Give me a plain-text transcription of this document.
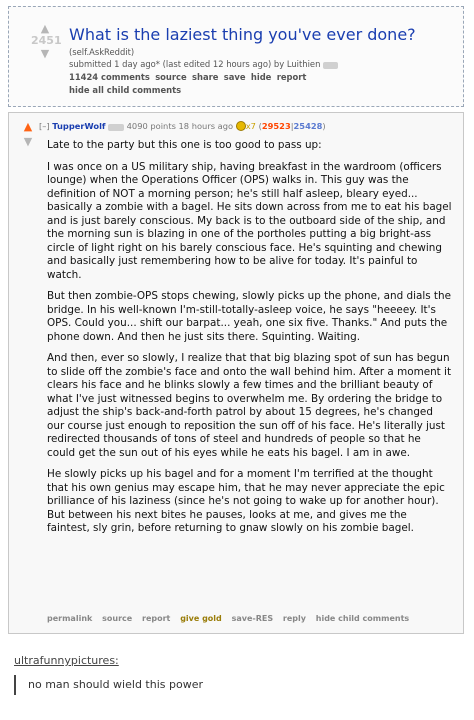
▲
2451
▼
What is the laziest thing you've ever done?
(self.AskReddit)
submitted 1 day ago* (last edited 12 hours ago) by Luithien pix
11424 comments source share save hide report
hide all child comments
▲
▼
[–] TupperWolf tag 4090 points 18 hours ago x7 (29523|25428)

Late to the party but this one is too good to pass up:

I was once on a US military ship, having breakfast in the wardroom (officers lounge) when the Operations Officer (OPS) walks in. This guy was the definition of NOT a morning person; he's still half asleep, bleary eyed... basically a zombie with a bagel. He sits down across from me to eat his bagel and is just barely conscious. My back is to the outboard side of the ship, and the morning sun is blazing in one of the portholes putting a big bright-ass circle of light right on his barely conscious face. He's squinting and chewing and basically just remembering how to be alive for today. It's painful to watch.

But then zombie-OPS stops chewing, slowly picks up the phone, and dials the bridge. In his well-known I'm-still-totally-asleep voice, he says "heeeey. It's OPS. Could you... shift our barpat... yeah, one six five. Thanks." And puts the phone down. And then he just sits there. Squinting. Waiting.

And then, ever so slowly, I realize that that big blazing spot of sun has begun to slide off the zombie's face and onto the wall behind him. After a moment it clears his face and he blinks slowly a few times and the brilliant beauty of what I've just witnessed begins to overwhelm me. By ordering the bridge to adjust the ship's back-and-forth patrol by about 15 degrees, he's changed our course just enough to reposition the sun off of his face. He's literally just redirected thousands of tons of steel and hundreds of people so that he could get the sun out of his eyes while he eats his bagel. I am in awe.

He slowly picks up his bagel and for a moment I'm terrified at the thought that his own genius may escape him, that he may never appreciate the epic brilliance of his laziness (since he's not going to wake up for another hour). But between his next bites he pauses, looks at me, and gives me the faintest, sly grin, before returning to gnaw slowly on his zombie bagel.

permalink source report give gold save-RES reply hide child comments
ultrafunnypictures:
no man should wield this power
